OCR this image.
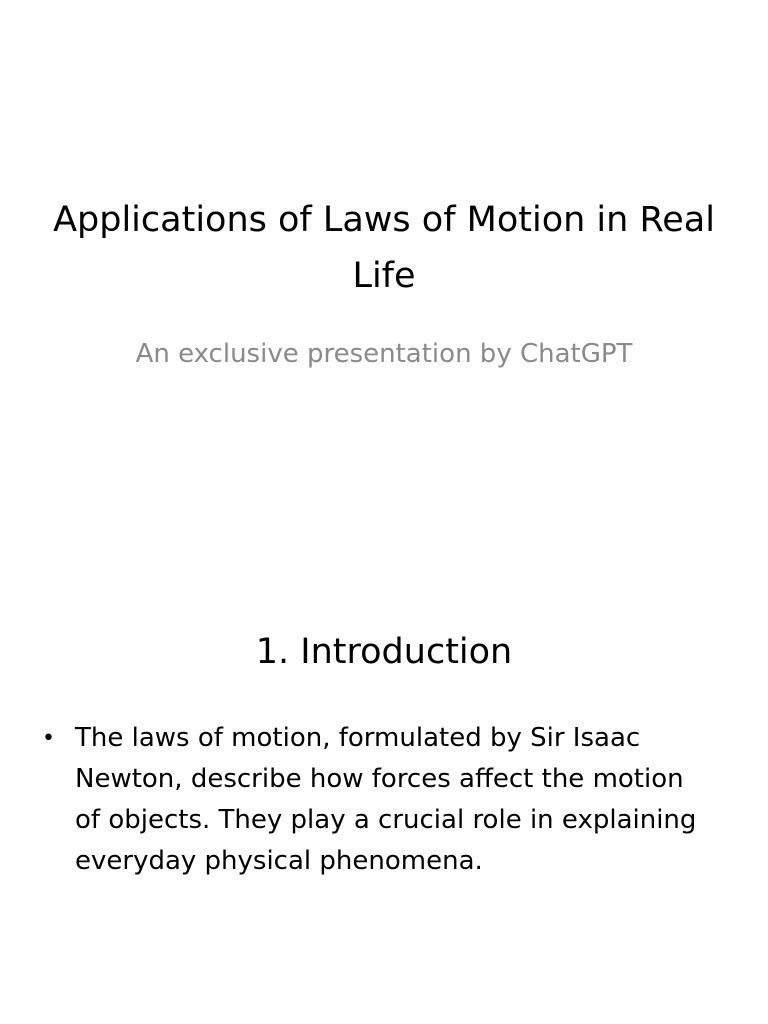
Applications of Laws of Motion in Real Life

An exclusive presentation by ChatGPT

1. Introduction
• The laws of motion, formulated by Sir Isaac Newton, describe how forces affect the motion of objects. They play a crucial role in explaining everyday physical phenomena.
